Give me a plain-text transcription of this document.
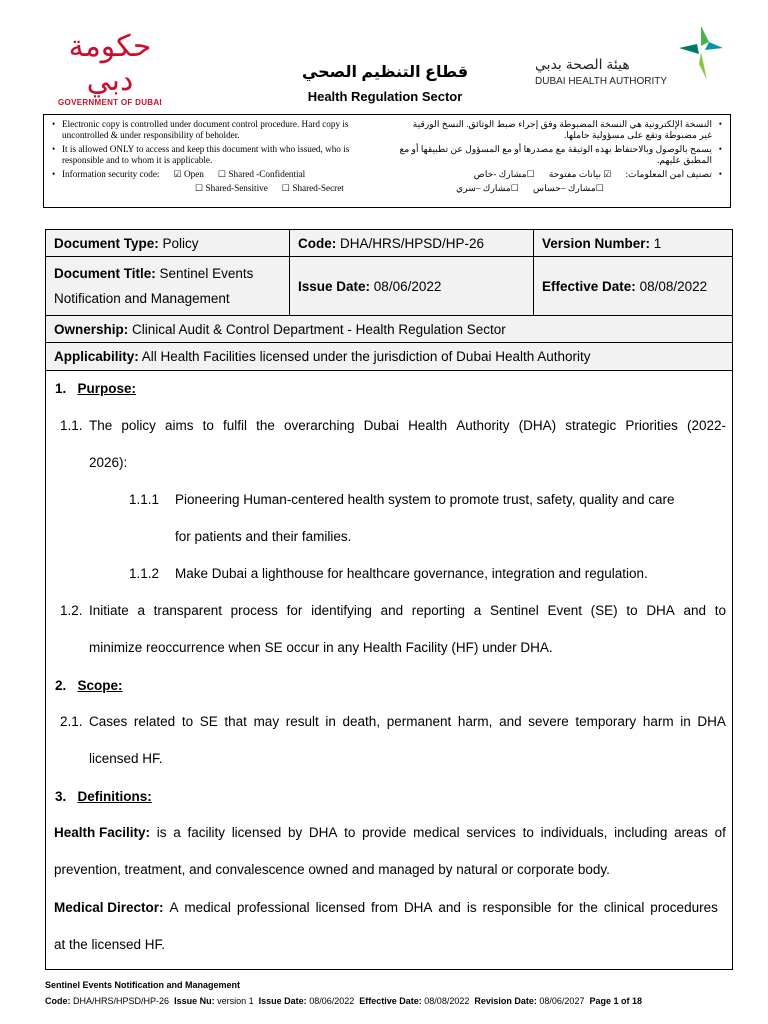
حكومة دبي
GOVERNMENT OF DUBAI
قطاع التنظيم الصحي
Health Regulation Sector
هيئة الصحة بدبي
DUBAI HEALTH AUTHORITY
• Electronic copy is controlled under document control procedure. Hard copy is uncontrolled & under responsibility of beholder.
• It is allowed ONLY to access and keep this document with who issued, who is responsible and to whom it is applicable.
• Information security code: ☑ Open ☐ Shared -Confidential
☐ Shared-Sensitive ☐ Shared-Secret
• النسخة الإلكترونية هي النسخة المضبوطة وفق إجراء ضبط الوثائق. النسخ الورقية غير مضبوطة وتقع على مسؤولية حاملها.
• يسمح بالوصول وبالاحتفاظ بهذه الوثيقة مع مصدرها أو مع المسؤول عن تطبيقها أو مع المطبق عليهم.
• تصنيف امن المعلومات:
☑ بيانات مفتوحة
☐مشارك -خاص
☐مشارك –حساس
☐مشارك –سري
Document Type: Policy	Code: DHA/HRS/HPSD/HP-26	Version Number: 1
Document Title: Sentinel Events
Notification and Management	Issue Date: 08/06/2022	Effective Date: 08/08/2022
Ownership: Clinical Audit & Control Department - Health Regulation Sector		
Applicability: All Health Facilities licensed under the jurisdiction of Dubai Health Authority		
1. Purpose:
1.1. The policy aims to fulfil the overarching Dubai Health Authority (DHA) strategic Priorities (2022-
2026):
1.1.1 Pioneering Human-centered health system to promote trust, safety, quality and care
for patients and their families.
1.1.2 Make Dubai a lighthouse for healthcare governance, integration and regulation.
1.2. Initiate a transparent process for identifying and reporting a Sentinel Event (SE) to DHA and to
minimize reoccurrence when SE occur in any Health Facility (HF) under DHA.
2. Scope:
2.1. Cases related to SE that may result in death, permanent harm, and severe temporary harm in DHA
licensed HF.
3. Definitions:
Health Facility: is a facility licensed by DHA to provide medical services to individuals, including areas of
prevention, treatment, and convalescence owned and managed by natural or corporate body.
Medical Director: A medical professional licensed from DHA and is responsible for the clinical procedures
at the licensed HF.
Sentinel Events Notification and Management
Code: DHA/HRS/HPSD/HP-26 Issue Nu: version 1 Issue Date: 08/06/2022 Effective Date: 08/08/2022 Revision Date: 08/06/2027 Page 1 of 18
